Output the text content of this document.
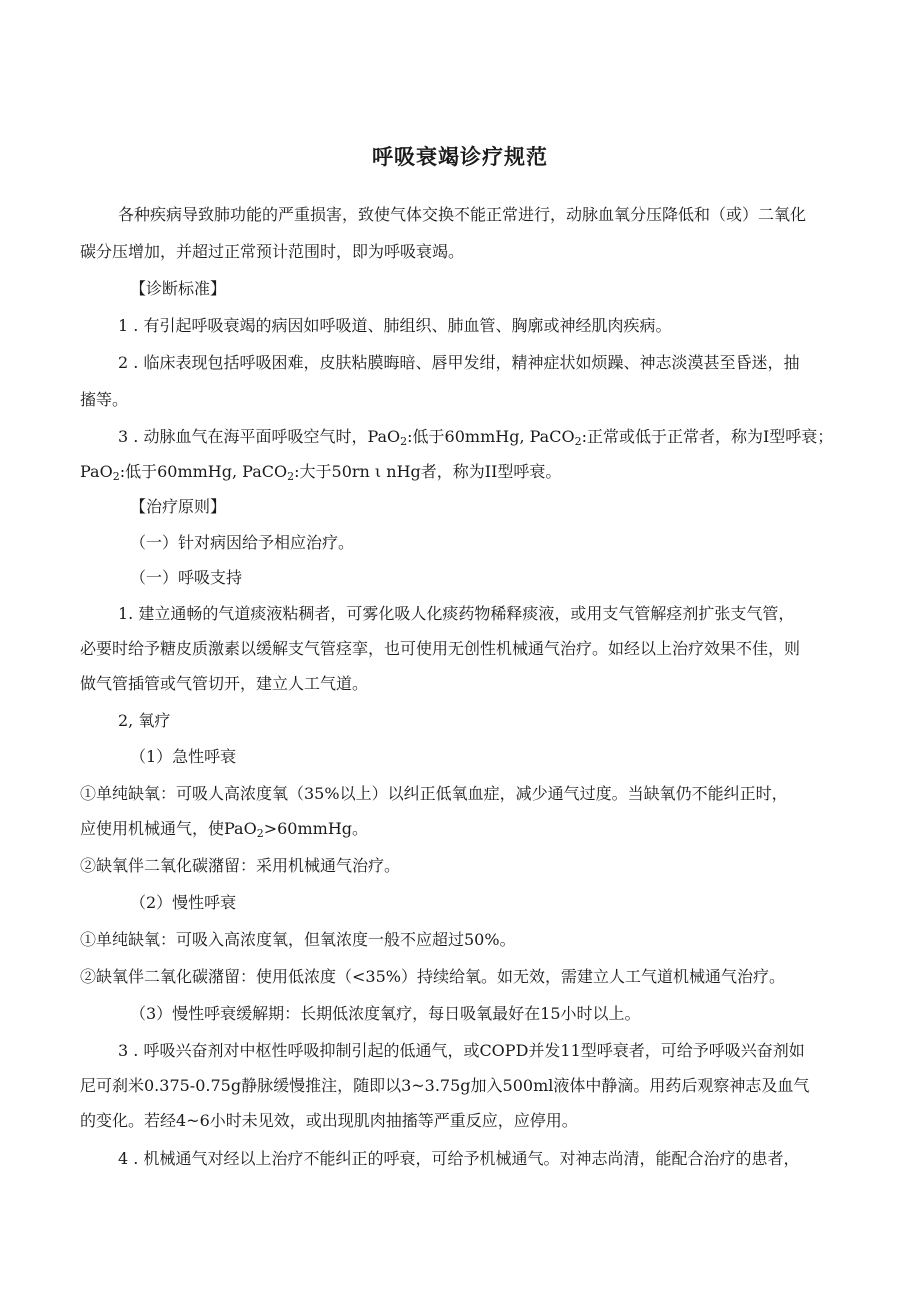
呼吸衰竭诊疗规范
各种疾病导致肺功能的严重损害，致使气体交换不能正常进行，动脉血氧分压降低和（或）二氧化
碳分压增加，并超过正常预计范围时，即为呼吸衰竭。
【诊断标准】
1 . 有引起呼吸衰竭的病因如呼吸道、肺组织、肺血管、胸廓或神经肌肉疾病。
2 . 临床表现包括呼吸困难，皮肤粘膜晦暗、唇甲发绀，精神症状如烦躁、神志淡漠甚至昏迷，抽
搐等。
3 . 动脉血气在海平面呼吸空气时，PaO$_2$:低于60mmHg, PaCO$_2$:正常或低于正常者，称为I型呼衰；
PaO$_2$:低于60mmHg, PaCO$_2$:大于50rn ι nHg者，称为II型呼衰。
【治疗原则】
（一）针对病因给予相应治疗。
（一）呼吸支持
1. 建立通畅的气道痰液粘稠者，可雾化吸人化痰药物稀释痰液，或用支气管解痉剂扩张支气管，
必要时给予糖皮质激素以缓解支气管痉挛，也可使用无创性机械通气治疗。如经以上治疗效果不佳，则
做气管插管或气管切开，建立人工气道。
2, 氧疗
（1）急性呼衰
①单纯缺氧：可吸人高浓度氧（35%以上）以纠正低氧血症，减少通气过度。当缺氧仍不能纠正时，
应使用机械通气，使PaO$_2$>60mmHg。
②缺氧伴二氧化碳潴留：采用机械通气治疗。
（2）慢性呼衰
①单纯缺氧：可吸入高浓度氧，但氧浓度一般不应超过50%。
②缺氧伴二氧化碳潴留：使用低浓度（<35%）持续给氧。如无效，需建立人工气道机械通气治疗。
（3）慢性呼衰缓解期：长期低浓度氧疗，每日吸氧最好在15小时以上。
3 . 呼吸兴奋剂对中枢性呼吸抑制引起的低通气，或COPD并发11型呼衰者，可给予呼吸兴奋剂如
尼可刹米0.375-0.75g静脉缓慢推注，随即以3~3.75g加入500ml液体中静滴。用药后观察神志及血气
的变化。若经4~6小时未见效，或出现肌肉抽搐等严重反应，应停用。
4 . 机械通气对经以上治疗不能纠正的呼衰，可给予机械通气。对神志尚清，能配合治疗的患者，
